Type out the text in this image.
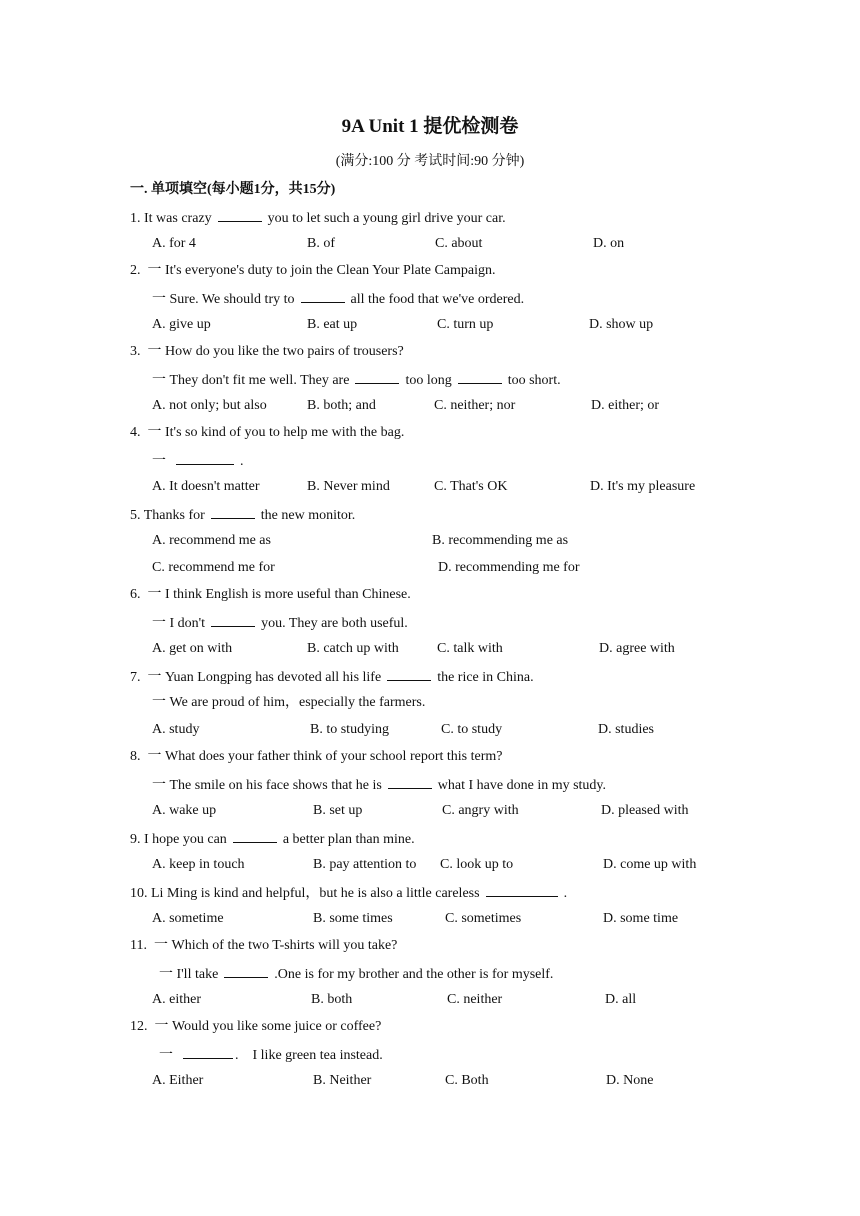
9A Unit 1 提优检测卷
(满分:100 分 考试时间:90 分钟)
一. 单项填空(每小题1分，共15分)
1. It was crazy	you to let such a young girl drive your car.
A. for 4	B. of	C. about	D. on
2.  一 It's everyone's duty to join the Clean Your Plate Campaign.
一 Sure. We should try to	all the food that we've ordered.
A. give up	B. eat up	C. turn up	D. show up
3.  一 How do you like the two pairs of trousers?
一 They don't fit me well. They are	too long	too short.
A. not only; but also	B. both; and	C. neither; nor	D. either; or
4.  一 It's so kind of you to help me with the bag.
一	.
A. It doesn't matter	B. Never mind	C. That's OK	D. It's my pleasure
5. Thanks for	the new monitor.
A. recommend me as	B. recommending me as
C. recommend me for	D. recommending me for
6.  一 I think English is more useful than Chinese.
一 I don't	you. They are both useful.
A. get on with	B. catch up with	C. talk with	D. agree with
7.  一 Yuan Longping has devoted all his life	the rice in China.
一 We are proud of him，especially the farmers.
A. study	B. to studying	C. to study	D. studies
8.  一 What does your father think of your school report this term?
一 The smile on his face shows that he is	what I have done in my study.
A. wake up	B. set up	C. angry with	D. pleased with
9. I hope you can	a better plan than mine.
A. keep in touch	B. pay attention to C. look up to	D. come up with
10. Li Ming is kind and helpful，but he is also a little careless	.
A. sometime	B. some times	C. sometimes	D. some time
11.  一 Which of the two T-shirts will you take?
一 I'll take	.One is for my brother and the other is for myself.
A. either	B. both	C. neither	D. all
12.  一 Would you like some juice or coffee?
一	.    I like green tea instead.
A. Either	B. Neither	C. Both	D. None
